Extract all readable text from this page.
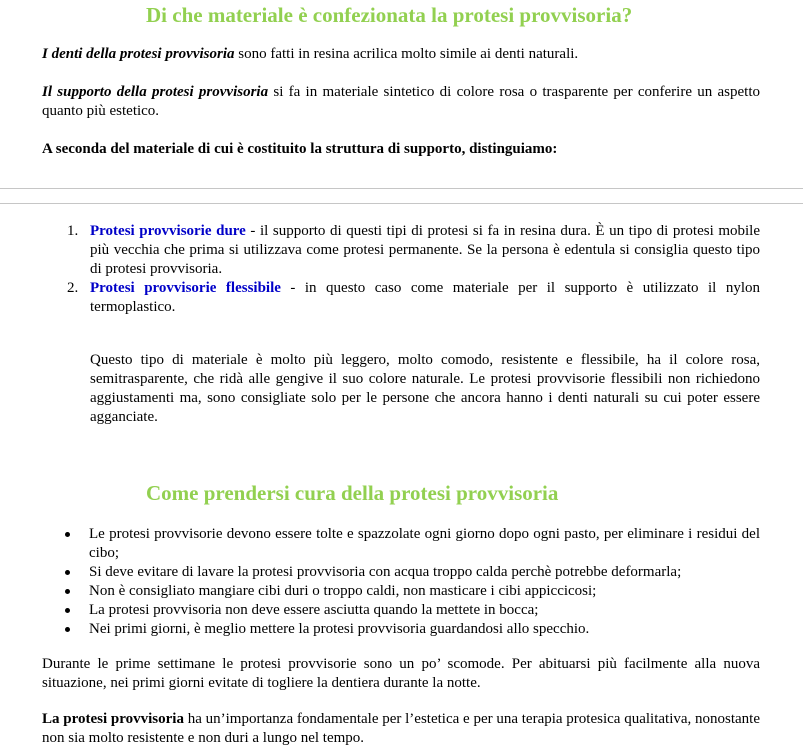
Di che materiale è confezionata la protesi provvisoria?

I denti della protesi provvisoria sono fatti in resina acrilica molto simile ai denti naturali.

Il supporto della protesi provvisoria si fa in materiale sintetico di colore rosa o trasparente per conferire un aspetto quanto più estetico.

A seconda del materiale di cui è costituito la struttura di supporto, distinguiamo:

1. Protesi provvisorie dure - il supporto di questi tipi di protesi si fa in resina dura. È un tipo di protesi mobile più vecchia che prima si utilizzava come protesi permanente. Se la persona è edentula si consiglia questo tipo di protesi provvisoria.
2. Protesi provvisorie flessibile - in questo caso come materiale per il supporto è utilizzato il nylon termoplastico.

Questo tipo di materiale è molto più leggero, molto comodo, resistente e flessibile, ha il colore rosa, semitrasparente, che ridà alle gengive il suo colore naturale. Le protesi provvisorie flessibili non richiedono aggiustamenti ma, sono consigliate solo per le persone che ancora hanno i denti naturali su cui poter essere agganciate.

Come prendersi cura della protesi provvisoria
Le protesi provvisorie devono essere tolte e spazzolate ogni giorno dopo ogni pasto, per eliminare i residui del cibo;
Si deve evitare di lavare la protesi provvisoria con acqua troppo calda perchè potrebbe deformarla;
Non è consigliato mangiare cibi duri o troppo caldi, non masticare i cibi appiccicosi;
La protesi provvisoria non deve essere asciutta quando la mettete in bocca;
Nei primi giorni, è meglio mettere la protesi provvisoria guardandosi allo specchio.

Durante le prime settimane le protesi provvisorie sono un po’ scomode. Per abituarsi più facilmente alla nuova situazione, nei primi giorni evitate di togliere la dentiera durante la notte.

La protesi provvisoria ha un’importanza fondamentale per l’estetica e per una terapia protesica qualitativa, nonostante non sia molto resistente e non duri a lungo nel tempo.
